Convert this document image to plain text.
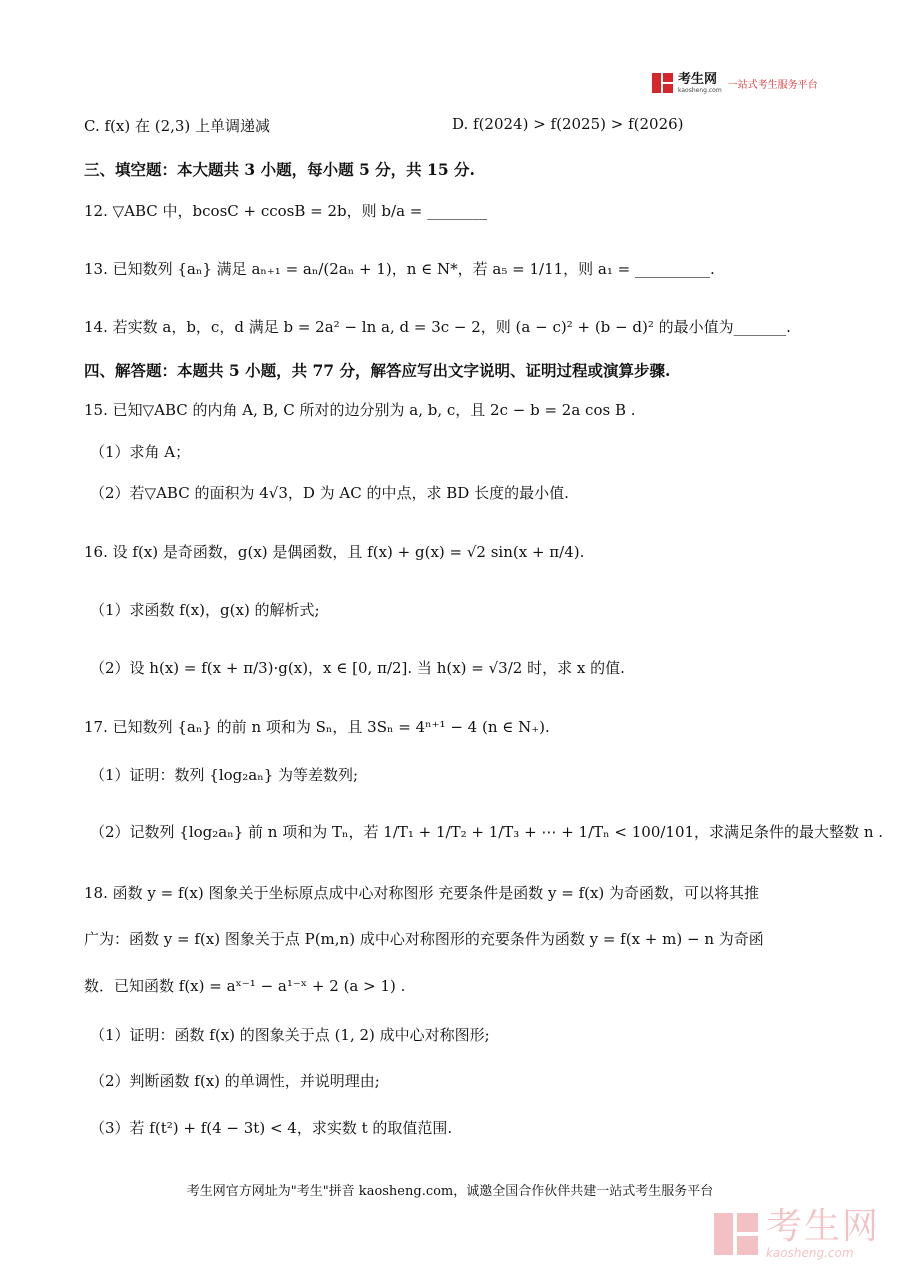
考生网
kaosheng.com 一站式考生服务平台
C. f(x) 在 (2,3) 上单调递减	D. f(2024) > f(2025) > f(2026)
三、填空题：本大题共 3 小题，每小题 5 分，共 15 分.
12. ▽ABC 中，bcosC + ccosB = 2b，则 b/a = ________
13. 已知数列 {aₙ} 满足 aₙ₊₁ = aₙ/(2aₙ + 1)，n ∈ N*，若 a₅ = 1/11，则 a₁ = __________.
14. 若实数 a，b，c，d 满足 b = 2a² − ln a, d = 3c − 2，则 (a − c)² + (b − d)² 的最小值为_______.
四、解答题：本题共 5 小题，共 77 分，解答应写出文字说明、证明过程或演算步骤.
15. 已知▽ABC 的内角 A, B, C 所对的边分别为 a, b, c，且 2c − b = 2a cos B .
（1）求角 A；
（2）若▽ABC 的面积为 4√3，D 为 AC 的中点，求 BD 长度的最小值.
16. 设 f(x) 是奇函数，g(x) 是偶函数，且 f(x) + g(x) = √2 sin(x + π/4).
（1）求函数 f(x)，g(x) 的解析式;
（2）设 h(x) = f(x + π/3)·g(x)，x ∈ [0, π/2]. 当 h(x) = √3/2 时，求 x 的值.
17. 已知数列 {aₙ} 的前 n 项和为 Sₙ，且 3Sₙ = 4ⁿ⁺¹ − 4 (n ∈ N₊).
（1）证明：数列 {log₂aₙ} 为等差数列;
（2）记数列 {log₂aₙ} 前 n 项和为 Tₙ，若 1/T₁ + 1/T₂ + 1/T₃ + ⋯ + 1/Tₙ < 100/101，求满足条件的最大整数 n .
18. 函数 y = f(x) 图象关于坐标原点成中心对称图形 充要条件是函数 y = f(x) 为奇函数，可以将其推
广为：函数 y = f(x) 图象关于点 P(m,n) 成中心对称图形的充要条件为函数 y = f(x + m) − n 为奇函
数．已知函数 f(x) = aˣ⁻¹ − a¹⁻ˣ + 2 (a > 1) .
（1）证明：函数 f(x) 的图象关于点 (1, 2) 成中心对称图形;
（2）判断函数 f(x) 的单调性，并说明理由;
（3）若 f(t²) + f(4 − 3t) < 4，求实数 t 的取值范围.
考生网官方网址为"考生"拼音 kaosheng.com，诚邀全国合作伙伴共建一站式考生服务平台
考生网
kaosheng.com
